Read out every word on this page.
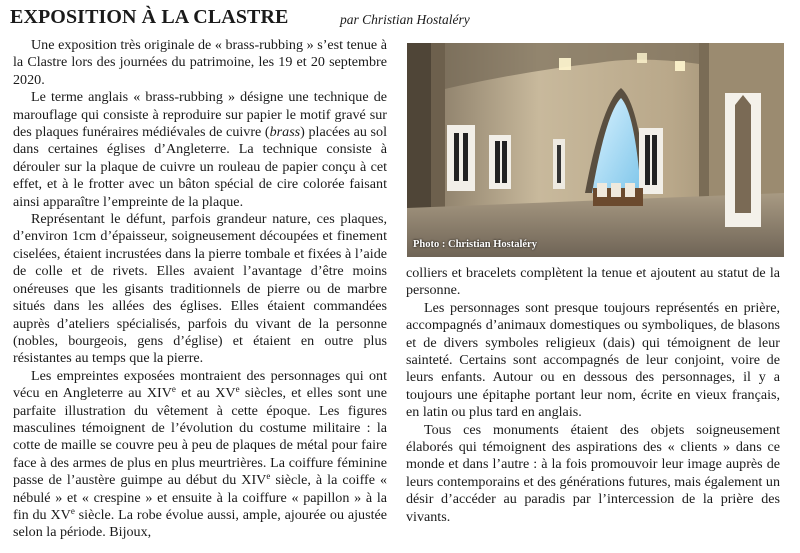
EXPOSITION À LA CLASTRE	par Christian Hostaléry

Une exposition très originale de « brass-rubbing » s’est tenue à la Clastre lors des journées du patrimoine, les 19 et 20 septembre 2020.

Le terme anglais « brass-rubbing » désigne une technique de marouflage qui consiste à reproduire sur papier le motif gravé sur des plaques funéraires médiévales de cuivre (brass) placées au sol dans certaines églises d’Angleterre. La technique consiste à dérouler sur la plaque de cuivre un rouleau de papier conçu à cet effet, et à le frotter avec un bâton spécial de cire colorée faisant ainsi apparaître l’empreinte de la plaque.

Représentant le défunt, parfois grandeur nature, ces plaques, d’environ 1cm d’épaisseur, soigneusement découpées et finement ciselées, étaient incrustées dans la pierre tombale et fixées à l’aide de colle et de rivets. Elles avaient l’avantage d’être moins onéreuses que les gisants traditionnels de pierre ou de marbre situés dans les allées des églises. Elles étaient commandées auprès d’ateliers spécialisés, parfois du vivant de la personne (nobles, bourgeois, gens d’église) et étaient en outre plus résistantes au temps que la pierre.

Les empreintes exposées montraient des personnages qui ont vécu en Angleterre au XIVe et au XVe siècles, et elles sont une parfaite illustration du vêtement à cette époque. Les figures masculines témoignent de l’évolution du costume militaire : la cotte de maille se couvre peu à peu de plaques de métal pour faire face à des armes de plus en plus meurtrières. La coiffure féminine passe de l’austère guimpe au début du XIVe siècle, à la coiffe « nébulé » et « crespine » et ensuite à la coiffure « papillon » à la fin du XVe siècle. La robe évolue aussi, ample, ajourée ou ajustée selon la période. Bijoux,

Photo : Christian Hostaléry

colliers et bracelets complètent la tenue et ajoutent au statut de la personne.

Les personnages sont presque toujours représentés en prière, accompagnés d’animaux domestiques ou symboliques, de blasons et de divers symboles religieux (dais) qui témoignent de leur sainteté. Certains sont accompagnés de leur conjoint, voire de leurs enfants. Autour ou en dessous des personnages, il y a toujours une épitaphe portant leur nom, écrite en vieux français, en latin ou plus tard en anglais.

Tous ces monuments étaient des objets soigneusement élaborés qui témoignent des aspirations des « clients » dans ce monde et dans l’autre : à la fois promouvoir leur image auprès de leurs contemporains et des générations futures, mais également un désir d’accéder au paradis par l’intercession de la prière des vivants.
